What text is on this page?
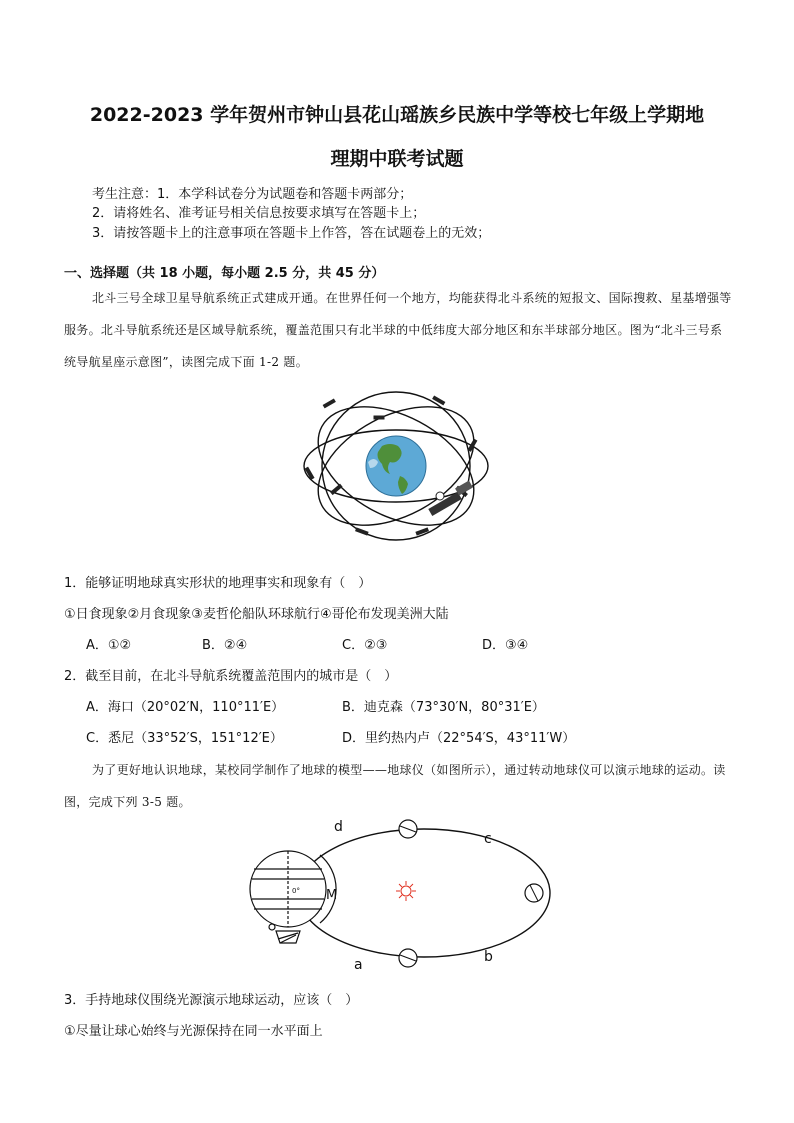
2022-2023 学年贺州市钟山县花山瑶族乡民族中学等校七年级上学期地
理期中联考试题
考生注意：1．本学科试卷分为试题卷和答题卡两部分；
2．请将姓名、准考证号相关信息按要求填写在答题卡上；
3．请按答题卡上的注意事项在答题卡上作答，答在试题卷上的无效；
一、选择题（共 18 小题，每小题 2.5 分，共 45 分）
北斗三号全球卫星导航系统正式建成开通。在世界任何一个地方，均能获得北斗系统的短报文、国际搜救、星基增强等服务。北斗导航系统还是区域导航系统，覆盖范围只有北半球的中低纬度大部分地区和东半球部分地区。图为“北斗三号系统导航星座示意图”，读图完成下面 1-2 题。
1．能够证明地球真实形状的地理事实和现象有（　）
①日食现象②月食现象③麦哲伦船队环球航行④哥伦布发现美洲大陆
A．①②	B．②④	C．②③	D．③④
2．截至目前，在北斗导航系统覆盖范围内的城市是（　）
A．海口（20°02′N，110°11′E）	B．迪克森（73°30′N，80°31′E）
C．悉尼（33°52′S，151°12′E）	D．里约热内卢（22°54′S，43°11′W）
为了更好地认识地球，某校同学制作了地球的模型——地球仪（如图所示），通过转动地球仪可以演示地球的运动。读图，完成下列 3-5 题。
0°
d
c
b
a
M
3．手持地球仪围绕光源演示地球运动，应该（　）
①尽量让球心始终与光源保持在同一水平面上
